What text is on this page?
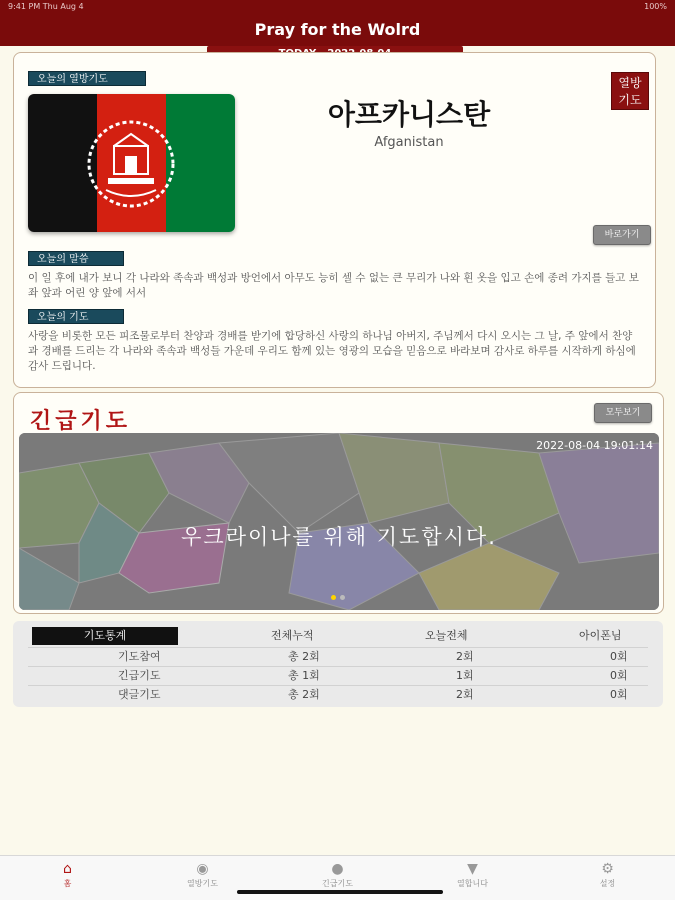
9:41 PM Thu Aug 4	100%
Pray for the Wolrd
오늘의 열방기도
아프카니스탄
Afganistan
열방
기도
바로가기
오늘의 말씀
이 일 후에 내가 보니 각 나라와 족속과 백성과 방언에서 아무도 능히 셀 수 없는 큰 무리가 나와 흰 옷을 입고 손에 종려 가지를 들고 보좌 앞과 어린 양 앞에 서서
오늘의 기도
사랑을 비롯한 모든 피조물로부터 찬양과 경배를 받기에 합당하신 사랑의 하나님 아버지, 주님께서 다시 오시는 그 날, 주 앞에서 찬양과 경배를 드리는 각 나라와 족속과 백성들 가운데 우리도 함께 있는 영광의 모습을 믿음으로 바라보며 감사로 하루를 시작하게 하심에 감사 드립니다.
모두보기
2022-08-04 19:01:14
우크라이나를 위해 기도합시다.
긴급기도
기도통계	전체누적	오늘전체	아이폰님
기도참여	총 2회	2회	0회
긴급기도	총 1회	1회	0회
댓글기도	총 2회	2회	0회
⌂
홈
◉
열방기도
●
긴급기도
▼
열합니다
⚙
설정
